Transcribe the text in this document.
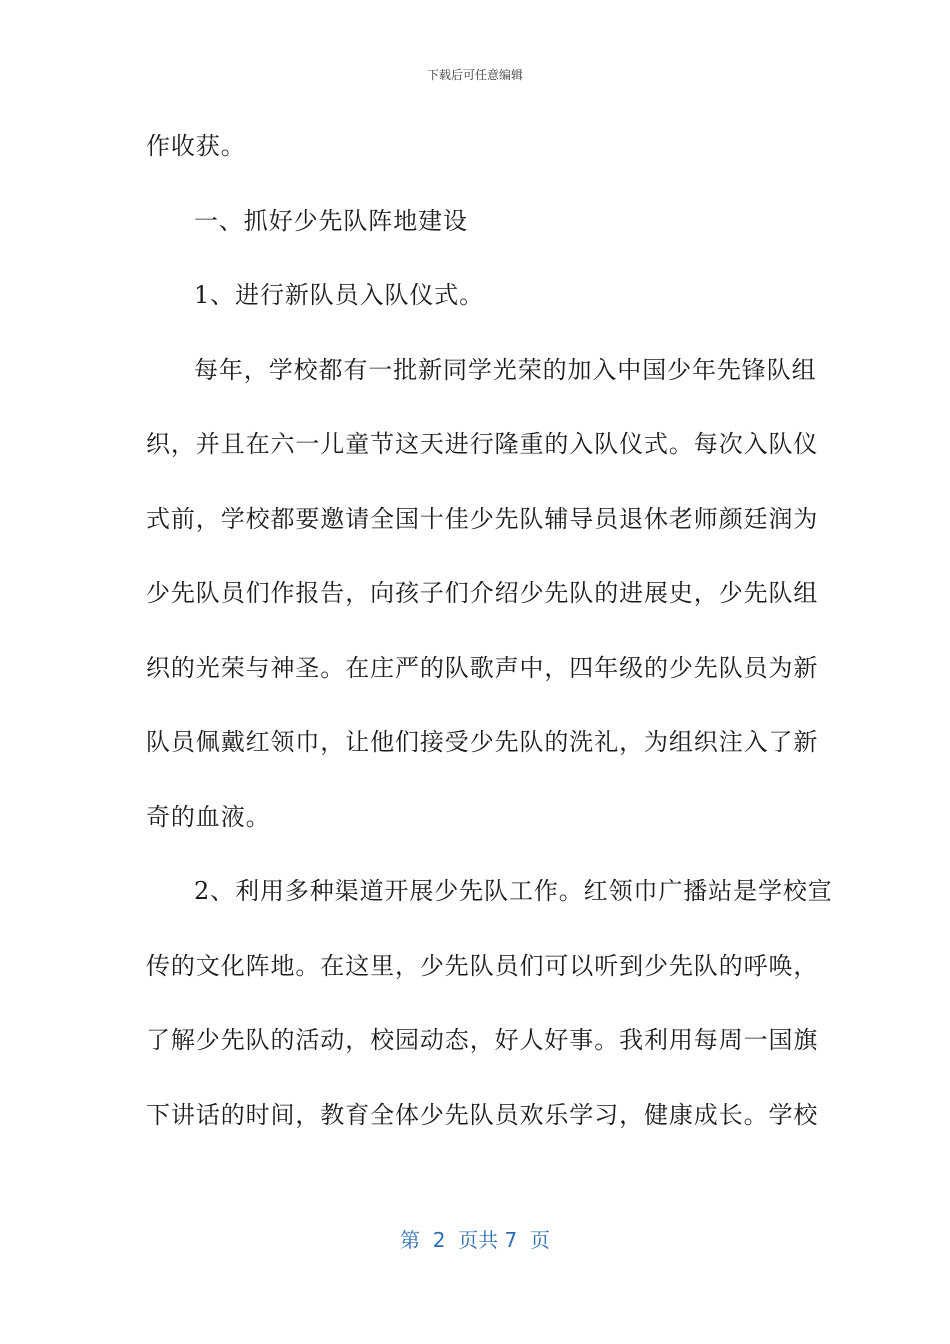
下载后可任意编辑
作收获。
一、抓好少先队阵地建设
1、进行新队员入队仪式。
每年，学校都有一批新同学光荣的加入中国少年先锋队组
织，并且在六一儿童节这天进行隆重的入队仪式。每次入队仪
式前，学校都要邀请全国十佳少先队辅导员退休老师颜廷润为
少先队员们作报告，向孩子们介绍少先队的进展史，少先队组
织的光荣与神圣。在庄严的队歌声中，四年级的少先队员为新
队员佩戴红领巾，让他们接受少先队的洗礼，为组织注入了新
奇的血液。
2、利用多种渠道开展少先队工作。红领巾广播站是学校宣
传的文化阵地。在这里，少先队员们可以听到少先队的呼唤，
了解少先队的活动，校园动态，好人好事。我利用每周一国旗
下讲话的时间，教育全体少先队员欢乐学习，健康成长。学校
第  2  页共 7  页
